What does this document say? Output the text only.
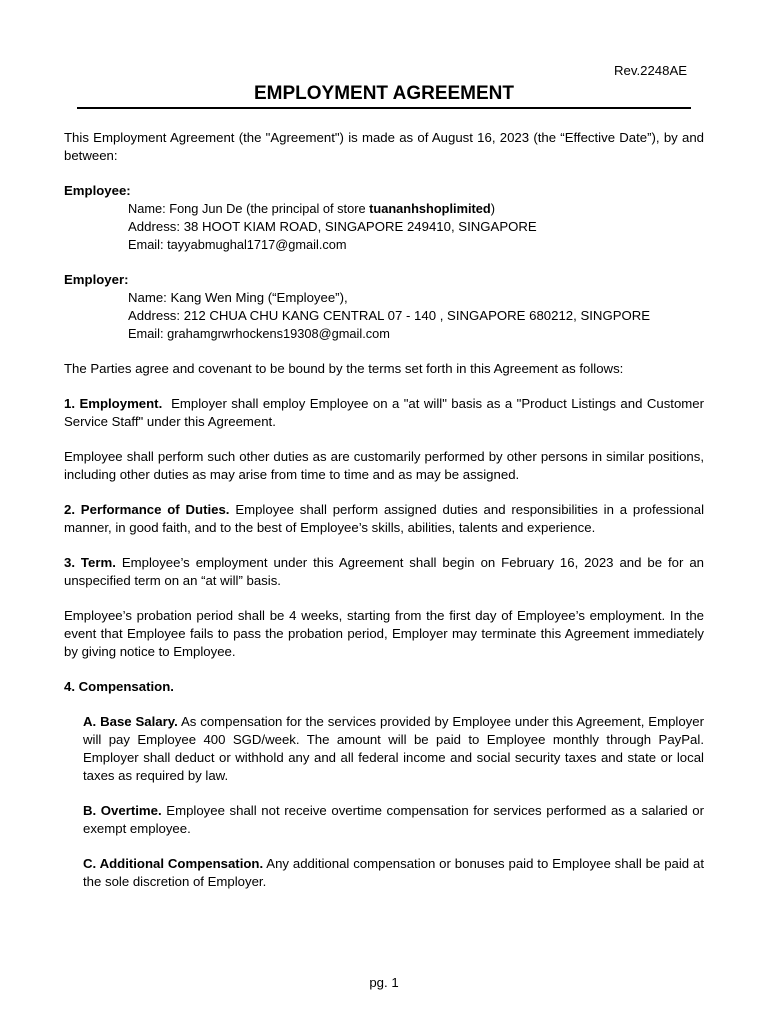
Rev.2248AE
EMPLOYMENT AGREEMENT

This Employment Agreement (the "Agreement") is made as of August 16, 2023 (the “Effective Date”), by and between:

Employee:

Name: Fong Jun De (the principal of store tuananhshoplimited)

Address: 38 HOOT KIAM ROAD, SINGAPORE 249410, SINGAPORE

Email: tayyabmughal1717@gmail.com

Employer:

Name: Kang Wen Ming (“Employee”),

Address: 212 CHUA CHU KANG CENTRAL 07 - 140 , SINGAPORE 680212, SINGPORE

Email: grahamgrwrhockens19308@gmail.com

The Parties agree and covenant to be bound by the terms set forth in this Agreement as follows:

1. Employment. Employer shall employ Employee on a "at will" basis as a "Product Listings and Customer Service Staff" under this Agreement.

Employee shall perform such other duties as are customarily performed by other persons in similar positions, including other duties as may arise from time to time and as may be assigned.

2. Performance of Duties. Employee shall perform assigned duties and responsibilities in a professional manner, in good faith, and to the best of Employee’s skills, abilities, talents and experience.

3. Term. Employee’s employment under this Agreement shall begin on February 16, 2023 and be for an unspecified term on an “at will” basis.

Employee’s probation period shall be 4 weeks, starting from the first day of Employee’s employment. In the event that Employee fails to pass the probation period, Employer may terminate this Agreement immediately by giving notice to Employee.

4. Compensation.

A. Base Salary. As compensation for the services provided by Employee under this Agreement, Employer will pay Employee 400 SGD/week. The amount will be paid to Employee monthly through PayPal. Employer shall deduct or withhold any and all federal income and social security taxes and state or local taxes as required by law.

B. Overtime. Employee shall not receive overtime compensation for services performed as a salaried or exempt employee.

C. Additional Compensation. Any additional compensation or bonuses paid to Employee shall be paid at the sole discretion of Employer.

pg. 1
